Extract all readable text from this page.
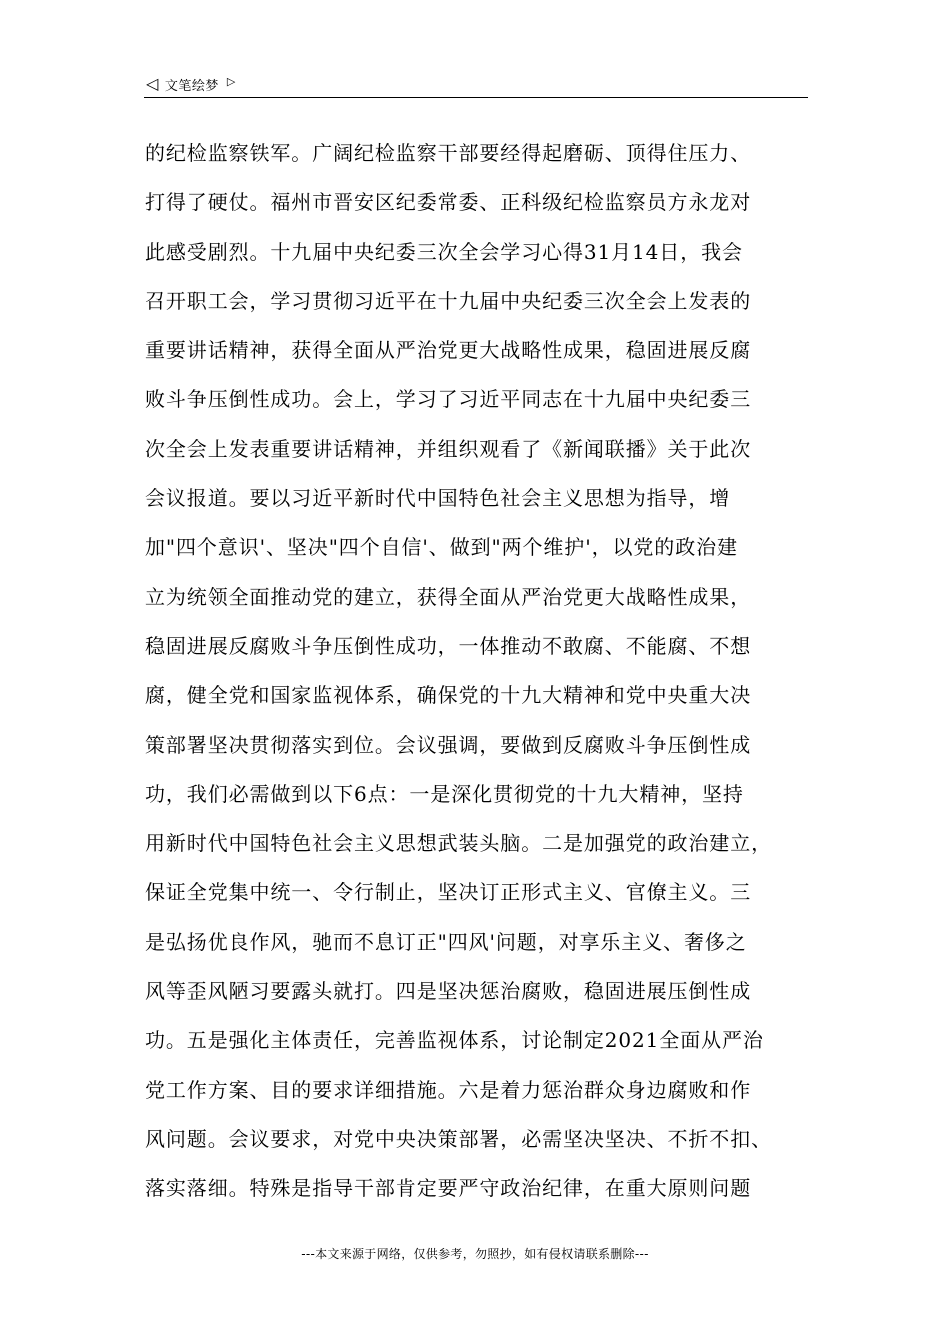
◁ 文笔绘梦 ▷
的纪检监察铁军。广阔纪检监察干部要经得起磨砺、顶得住压力、
打得了硬仗。福州市晋安区纪委常委、正科级纪检监察员方永龙对
此感受剧烈。十九届中央纪委三次全会学习心得31月14日，我会
召开职工会，学习贯彻习近平在十九届中央纪委三次全会上发表的
重要讲话精神，获得全面从严治党更大战略性成果，稳固进展反腐
败斗争压倒性成功。会上，学习了习近平同志在十九届中央纪委三
次全会上发表重要讲话精神，并组织观看了《新闻联播》关于此次
会议报道。要以习近平新时代中国特色社会主义思想为指导，增
加"四个意识'、坚决"四个自信'、做到"两个维护'，以党的政治建
立为统领全面推动党的建立，获得全面从严治党更大战略性成果，
稳固进展反腐败斗争压倒性成功，一体推动不敢腐、不能腐、不想
腐，健全党和国家监视体系，确保党的十九大精神和党中央重大决
策部署坚决贯彻落实到位。会议强调，要做到反腐败斗争压倒性成
功，我们必需做到以下6点：一是深化贯彻党的十九大精神，坚持
用新时代中国特色社会主义思想武装头脑。二是加强党的政治建立，
保证全党集中统一、令行制止，坚决订正形式主义、官僚主义。三
是弘扬优良作风，驰而不息订正"四风'问题，对享乐主义、奢侈之
风等歪风陋习要露头就打。四是坚决惩治腐败，稳固进展压倒性成
功。五是强化主体责任，完善监视体系，讨论制定2021全面从严治
党工作方案、目的要求详细措施。六是着力惩治群众身边腐败和作
风问题。会议要求，对党中央决策部署，必需坚决坚决、不折不扣、
落实落细。特殊是指导干部肯定要严守政治纪律，在重大原则问题
---本文来源于网络，仅供参考，勿照抄，如有侵权请联系删除---
